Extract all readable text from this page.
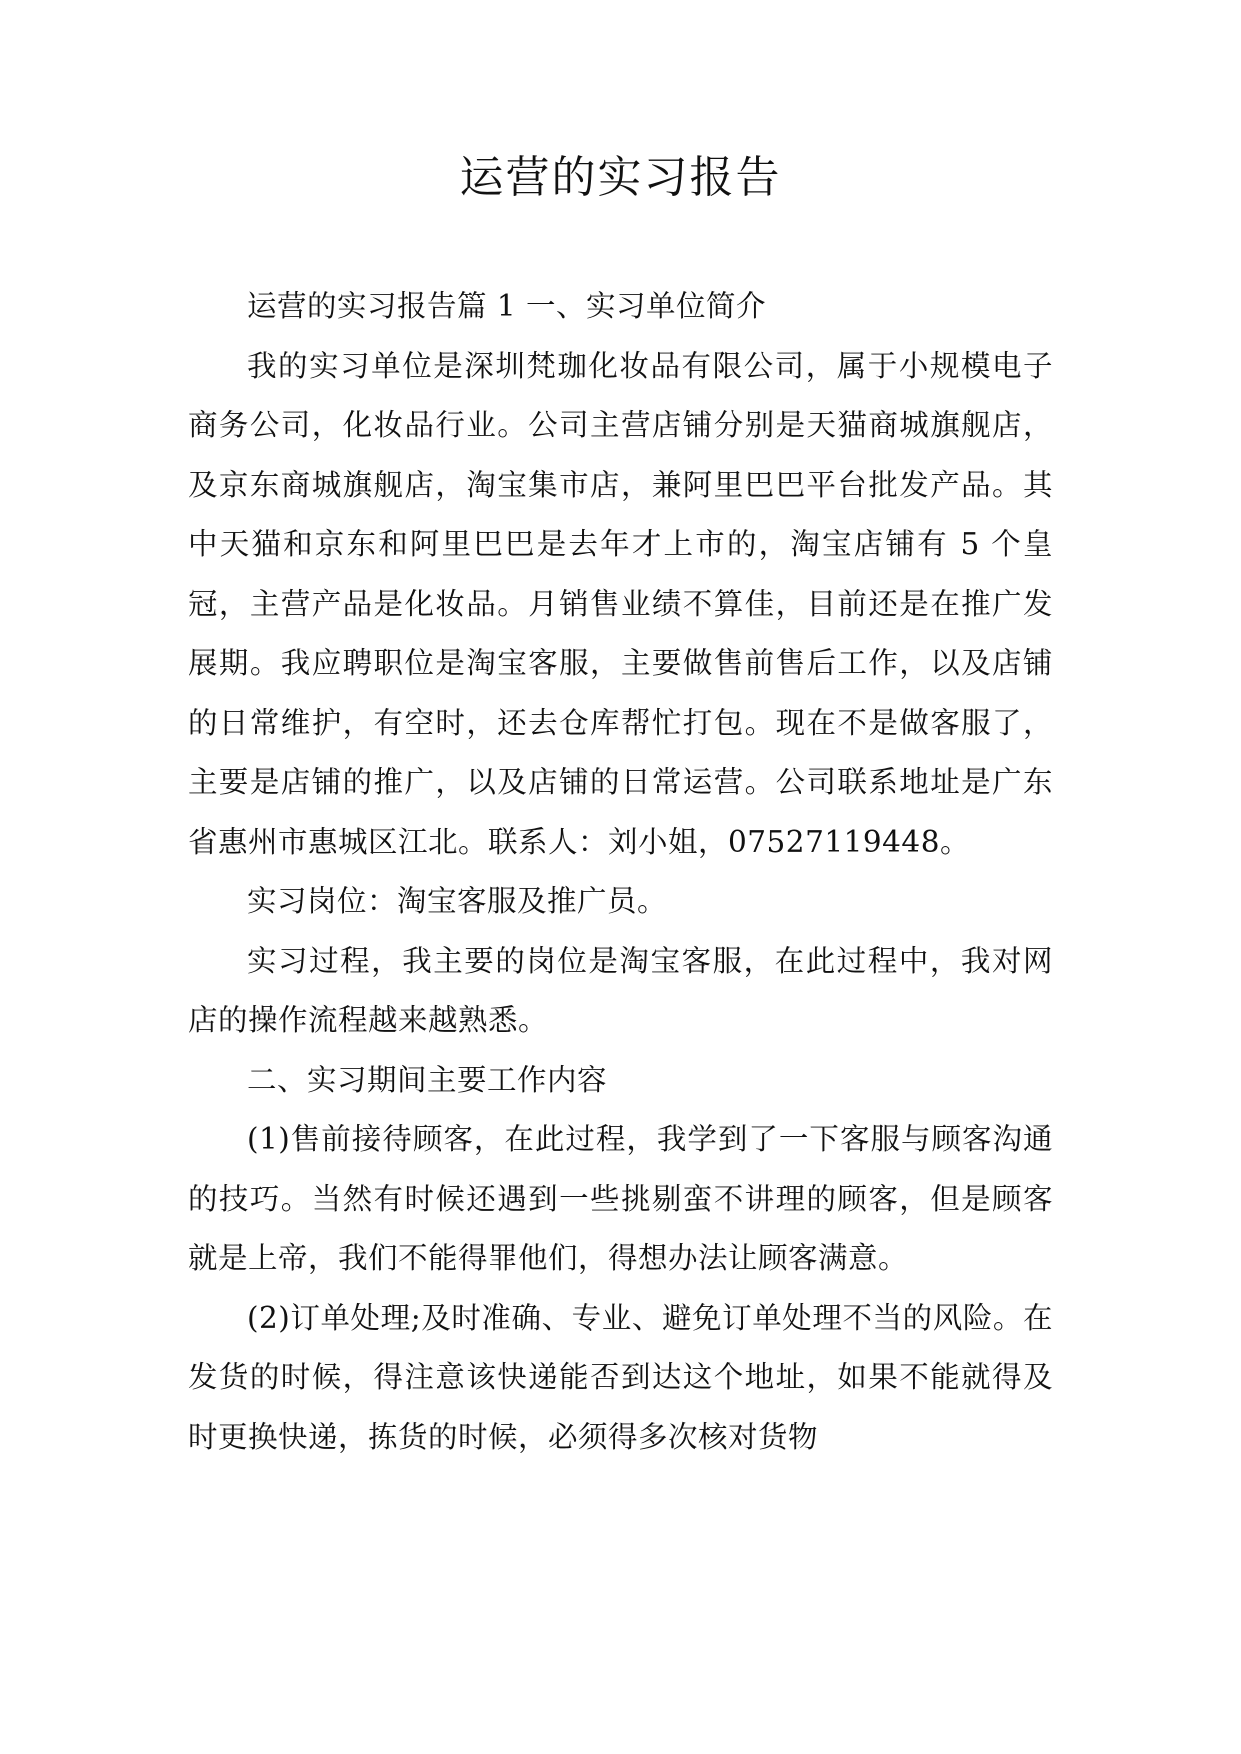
运营的实习报告

运营的实习报告篇 1 一、实习单位简介

我的实习单位是深圳梵珈化妆品有限公司，属于小规模电子商务公司，化妆品行业。公司主营店铺分别是天猫商城旗舰店，及京东商城旗舰店，淘宝集市店，兼阿里巴巴平台批发产品。其中天猫和京东和阿里巴巴是去年才上市的，淘宝店铺有 5 个皇冠，主营产品是化妆品。月销售业绩不算佳，目前还是在推广发展期。我应聘职位是淘宝客服，主要做售前售后工作，以及店铺的日常维护，有空时，还去仓库帮忙打包。现在不是做客服了，主要是店铺的推广，以及店铺的日常运营。公司联系地址是广东省惠州市惠城区江北。联系人：刘小姐，07527119448。

实习岗位：淘宝客服及推广员。

实习过程，我主要的岗位是淘宝客服，在此过程中，我对网店的操作流程越来越熟悉。

二、实习期间主要工作内容

(1)售前接待顾客，在此过程，我学到了一下客服与顾客沟通的技巧。当然有时候还遇到一些挑剔蛮不讲理的顾客，但是顾客就是上帝，我们不能得罪他们，得想办法让顾客满意。

(2)订单处理;及时准确、专业、避免订单处理不当的风险。在发货的时候，得注意该快递能否到达这个地址，如果不能就得及时更换快递，拣货的时候，必须得多次核对货物
